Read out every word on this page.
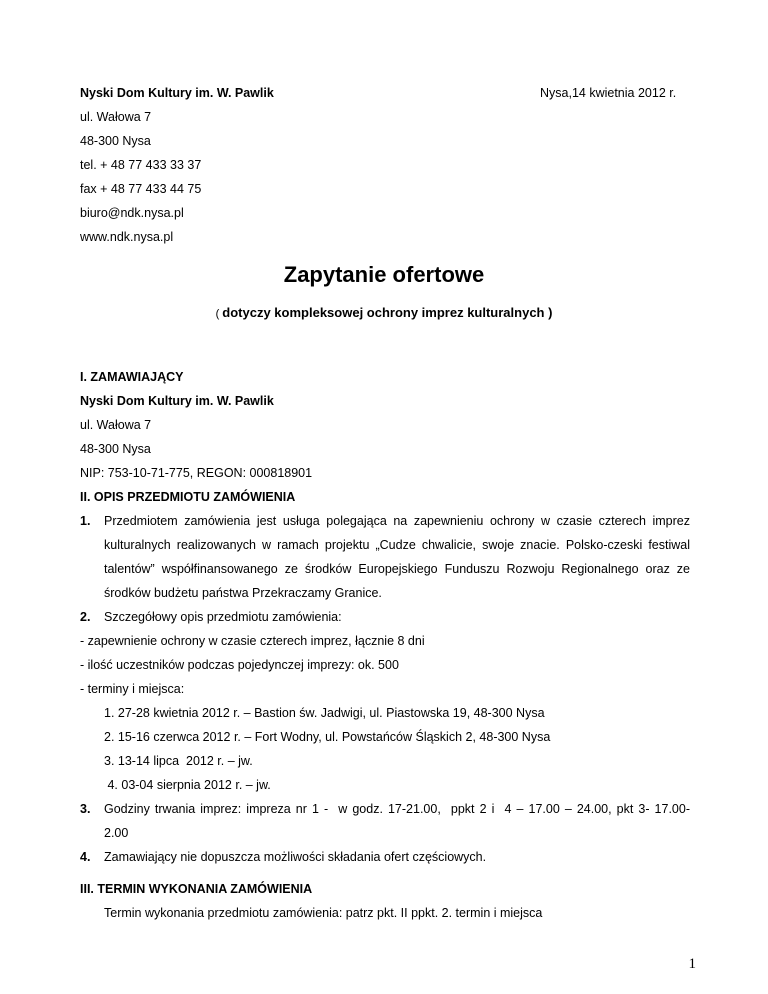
Nyski Dom Kultury im. W. Pawlik	Nysa,14 kwietnia 2012 r.
ul. Wałowa 7
48-300 Nysa
tel. + 48 77 433 33 37
fax + 48 77 433 44 75
biuro@ndk.nysa.pl
www.ndk.nysa.pl
Zapytanie ofertowe
( dotyczy kompleksowej ochrony imprez kulturalnych )
I. ZAMAWIAJĄCY
Nyski Dom Kultury im. W. Pawlik
ul. Wałowa 7
48-300 Nysa
NIP: 753-10-71-775, REGON: 000818901
II. OPIS PRZEDMIOTU ZAMÓWIENIA
1. Przedmiotem zamówienia jest usługa polegająca na zapewnieniu ochrony w czasie czterech imprez
kulturalnych realizowanych w ramach projektu „Cudze chwalicie, swoje znacie. Polsko-czeski festiwal
talentów” współfinansowanego ze środków Europejskiego Funduszu Rozwoju Regionalnego oraz ze
środków budżetu państwa Przekraczamy Granice.
2. Szczegółowy opis przedmiotu zamówienia:
- zapewnienie ochrony w czasie czterech imprez, łącznie 8 dni
- ilość uczestników podczas pojedynczej imprezy: ok. 500
- terminy i miejsca:
1. 27-28 kwietnia 2012 r. – Bastion św. Jadwigi, ul. Piastowska 19, 48-300 Nysa
2. 15-16 czerwca 2012 r. – Fort Wodny, ul. Powstańców Śląskich 2, 48-300 Nysa
3. 13-14 lipca  2012 r. – jw.
4. 03-04 sierpnia 2012 r. – jw.
3. Godziny trwania imprez: impreza nr 1 -  w godz. 17-21.00,  ppkt 2 i  4 – 17.00 – 24.00, pkt 3- 17.00-
2.00
4. Zamawiający nie dopuszcza możliwości składania ofert częściowych.
III. TERMIN WYKONANIA ZAMÓWIENIA
Termin wykonania przedmiotu zamówienia: patrz pkt. II ppkt. 2. termin i miejsca
1
